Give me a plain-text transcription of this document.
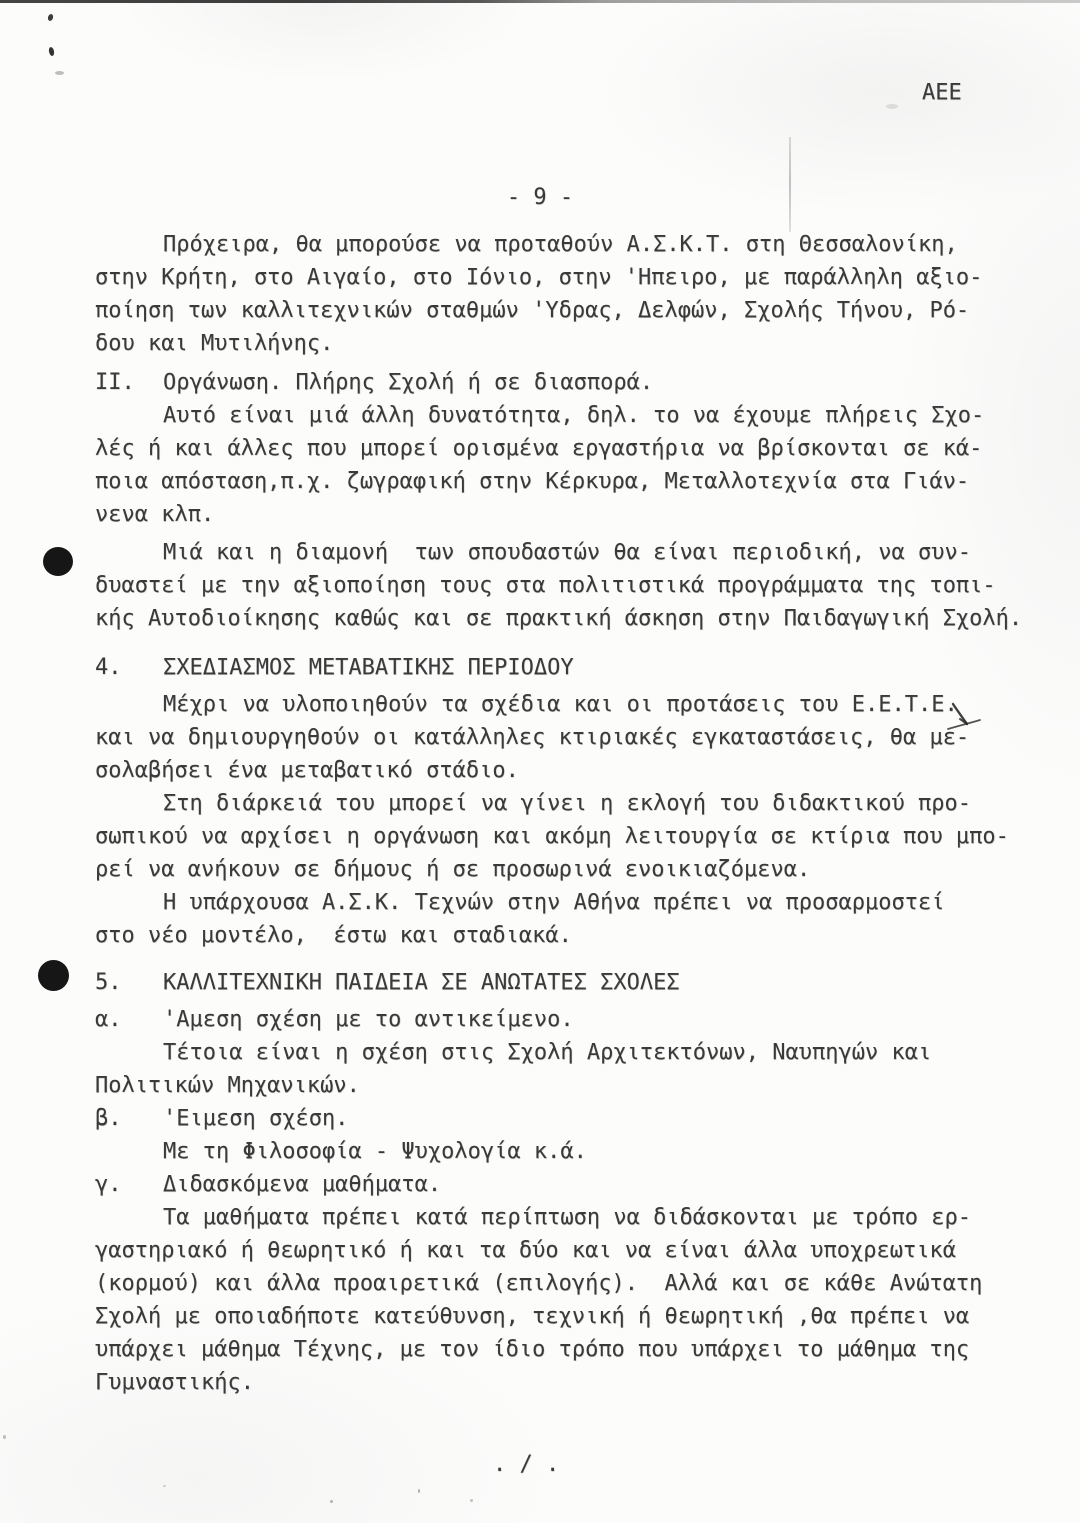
ΑΕΕ
- 9 -
Πρόχειρα, θα μπορούσε να προταθούν Α.Σ.Κ.Τ. στη Θεσσαλονίκη,
στην Κρήτη, στο Αιγαίο, στο Ιόνιο, στην 'Ηπειρο, με παράλληλη αξιο-
ποίηση των καλλιτεχνικών σταθμών 'Υδρας, Δελφών, Σχολής Τήνου, Ρό-
δου και Μυτιλήνης.
II.	Οργάνωση. Πλήρης Σχολή ή σε διασπορά.
Αυτό είναι μιά άλλη δυνατότητα, δηλ. το να έχουμε πλήρεις Σχο-
λές ή και άλλες που μπορεί ορισμένα εργαστήρια να βρίσκονται σε κά-
ποια απόσταση,π.χ. ζωγραφική στην Κέρκυρα, Μεταλλοτεχνία στα Γιάν-
νενα κλπ.
Μιά και η διαμονή  των σπουδαστών θα είναι περιοδική, να συν-
δυαστεί με την αξιοποίηση τους στα πολιτιστικά προγράμματα της τοπι-
κής Αυτοδιοίκησης καθώς και σε πρακτική άσκηση στην Παιδαγωγική Σχολή.
4.	ΣΧΕΔΙΑΣΜΟΣ ΜΕΤΑΒΑΤΙΚΗΣ ΠΕΡΙΟΔΟΥ
Μέχρι να υλοποιηθούν τα σχέδια και οι προτάσεις του Ε.Ε.Τ.Ε.
και να δημιουργηθούν οι κατάλληλες κτιριακές εγκαταστάσεις, θα με-
σολαβήσει ένα μεταβατικό στάδιο.
Στη διάρκειά του μπορεί να γίνει η εκλογή του διδακτικού προ-
σωπικού να αρχίσει η οργάνωση και ακόμη λειτουργία σε κτίρια που μπο-
ρεί να ανήκουν σε δήμους ή σε προσωρινά ενοικιαζόμενα.
Η υπάρχουσα Α.Σ.Κ. Τεχνών στην Αθήνα πρέπει να προσαρμοστεί
στο νέο μοντέλο,  έστω και σταδιακά.
5.	ΚΑΛΛΙΤΕΧΝΙΚΗ ΠΑΙΔΕΙΑ ΣΕ ΑΝΩΤΑΤΕΣ ΣΧΟΛΕΣ
α.	'Αμεση σχέση με το αντικείμενο.
Τέτοια είναι η σχέση στις Σχολή Αρχιτεκτόνων, Ναυπηγών και
Πολιτικών Μηχανικών.
β.	'Ειμεση σχέση.
Με τη Φιλοσοφία - Ψυχολογία κ.ά.
γ.	Διδασκόμενα μαθήματα.
Τα μαθήματα πρέπει κατά περίπτωση να διδάσκονται με τρόπο ερ-
γαστηριακό ή θεωρητικό ή και τα δύο και να είναι άλλα υποχρεωτικά
(κορμού) και άλλα προαιρετικά (επιλογής).  Αλλά και σε κάθε Ανώτατη
Σχολή με οποιαδήποτε κατεύθυνση, τεχνική ή θεωρητική ,θα πρέπει να
υπάρχει μάθημα Τέχνης, με τον ίδιο τρόπο που υπάρχει το μάθημα της
Γυμναστικής.
. / .
